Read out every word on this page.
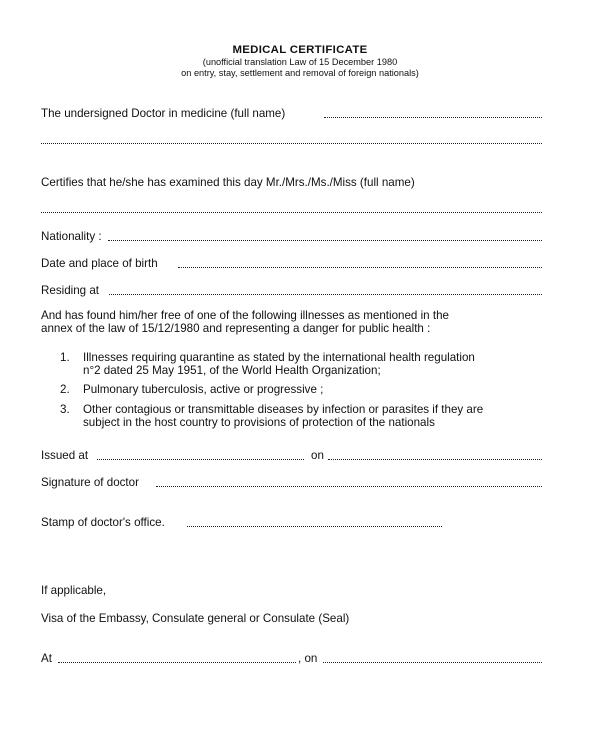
MEDICAL CERTIFICATE
(unofficial translation Law of 15 December 1980
on entry, stay, settlement and removal of foreign nationals)
The undersigned Doctor in medicine (full name)
Certifies that he/she has examined this day Mr./Mrs./Ms./Miss (full name)
Nationality :
Date and place of birth
Residing at
And has found him/her free of one of the following illnesses as mentioned in the
annex of the law of 15/12/1980 and representing a danger for public health :
1. Illnesses requiring quarantine as stated by the international health regulation
n°2 dated 25 May 1951, of the World Health Organization;
2. Pulmonary tuberculosis, active or progressive ;
3. Other contagious or transmittable diseases by infection or parasites if they are
subject in the host country to provisions of protection of the nationals
Issued at	on
Signature of doctor
Stamp of doctor's office.
If applicable,
Visa of the Embassy, Consulate general or Consulate (Seal)
At	, on
